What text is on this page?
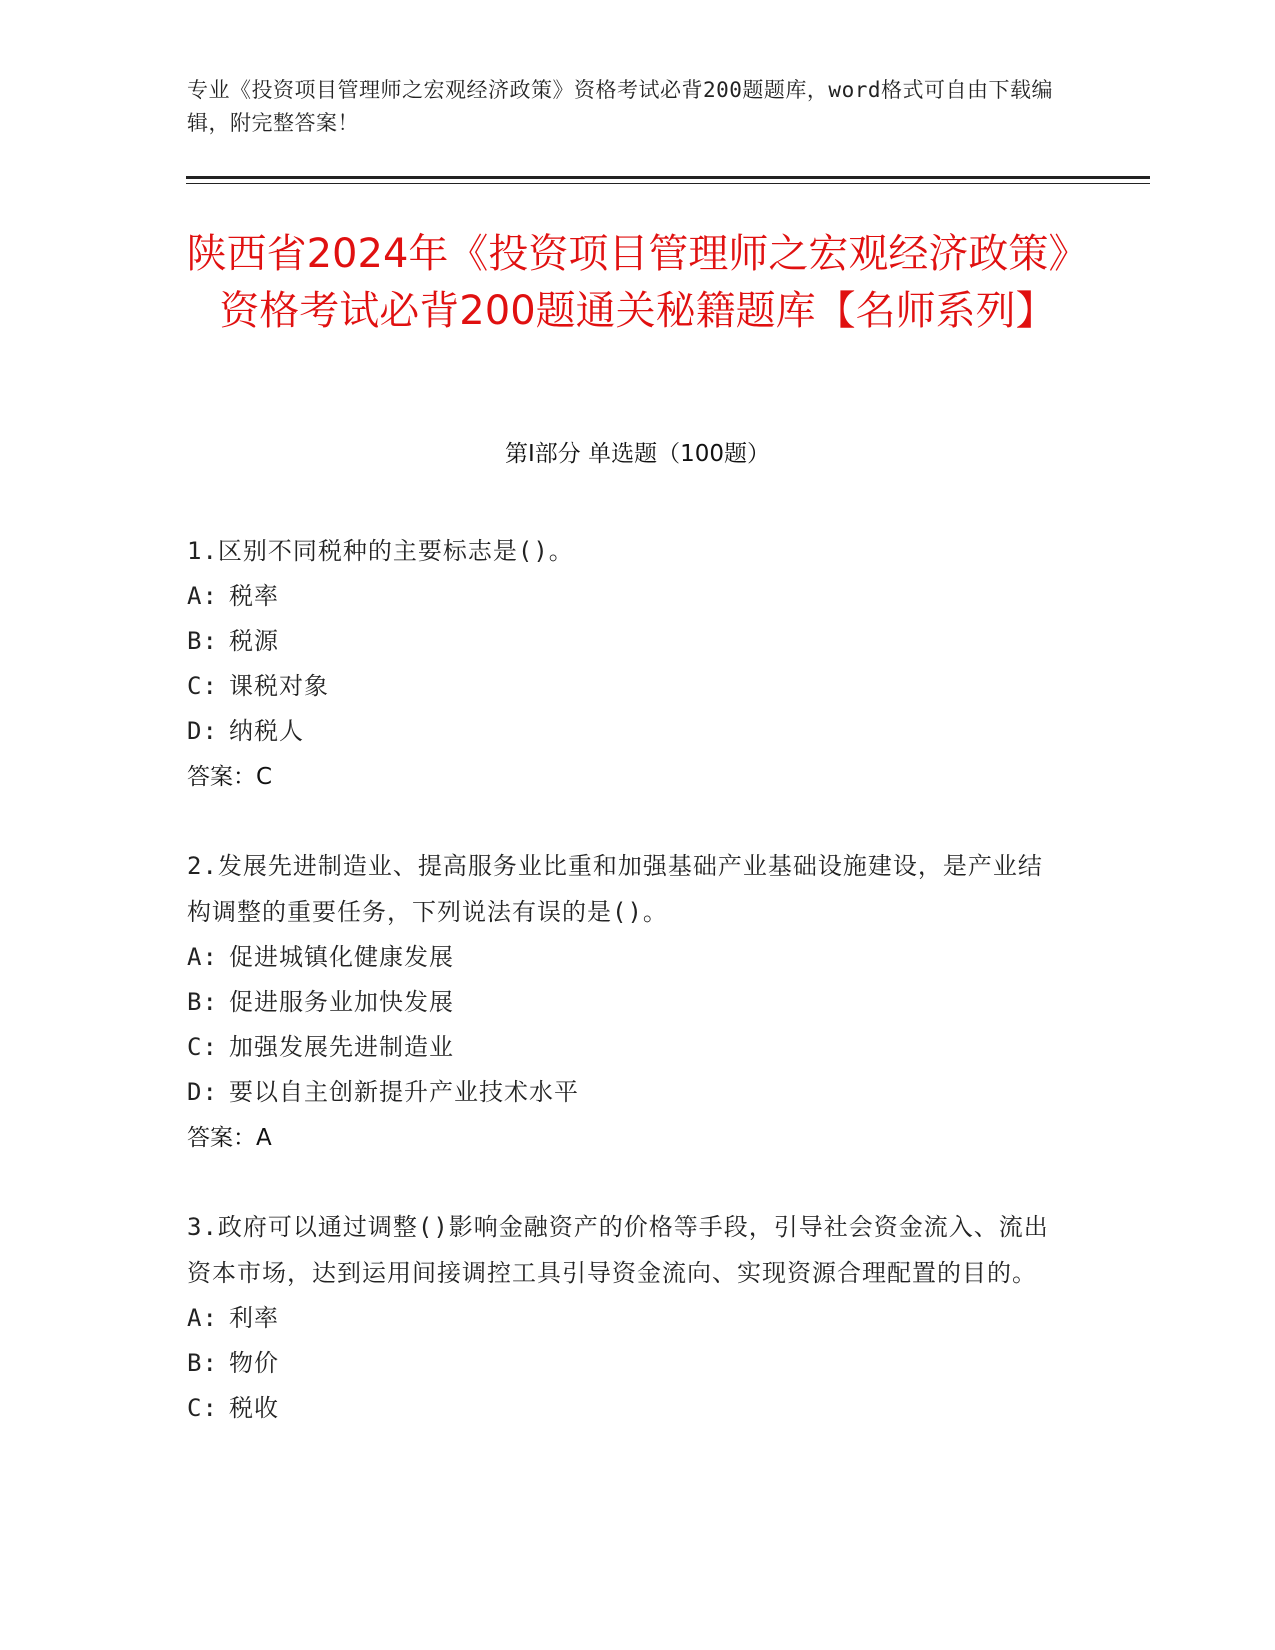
专业《投资项目管理师之宏观经济政策》资格考试必背200题题库，word格式可自由下载编辑，附完整答案！
陕西省2024年《投资项目管理师之宏观经济政策》资格考试必背200题通关秘籍题库【名师系列】
第Ⅰ部分 单选题（100题）
1.区别不同税种的主要标志是()。
A: 税率
B: 税源
C: 课税对象
D: 纳税人
答案：C
2.发展先进制造业、提高服务业比重和加强基础产业基础设施建设，是产业结构调整的重要任务，下列说法有误的是()。
A: 促进城镇化健康发展
B: 促进服务业加快发展
C: 加强发展先进制造业
D: 要以自主创新提升产业技术水平
答案：A
3.政府可以通过调整()影响金融资产的价格等手段，引导社会资金流入、流出资本市场，达到运用间接调控工具引导资金流向、实现资源合理配置的目的。
A: 利率
B: 物价
C: 税收
